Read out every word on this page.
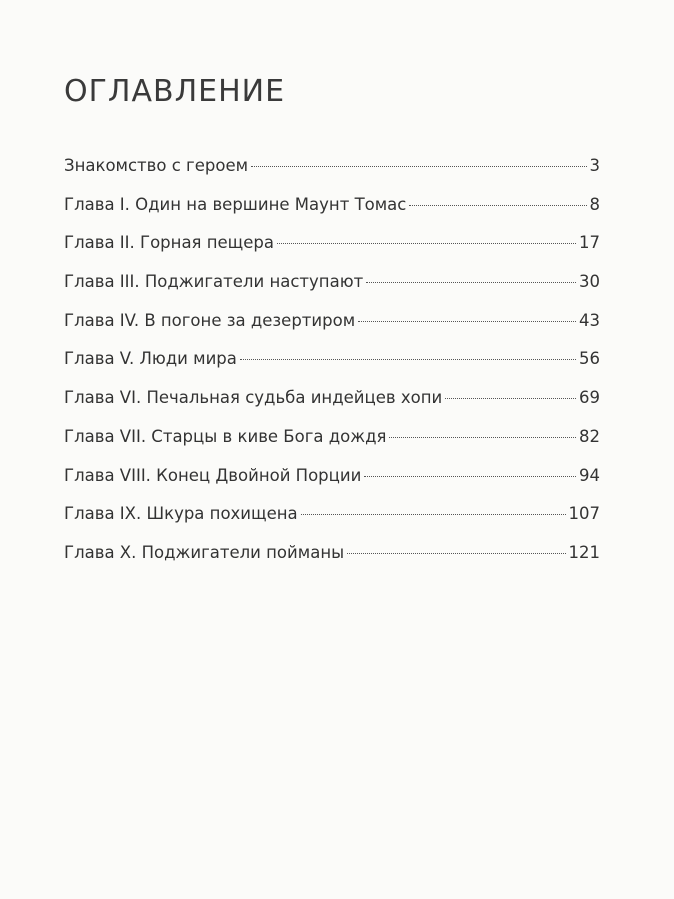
ОГЛАВЛЕНИЕ
Знакомство с героем	3
Глава I. Один на вершине Маунт Томас	8
Глава II. Горная пещера	17
Глава III. Поджигатели наступают	30
Глава IV. В погоне за дезертиром	43
Глава V. Люди мира	56
Глава VI. Печальная судьба индейцев хопи	69
Глава VII. Старцы в киве Бога дождя	82
Глава VIII. Конец Двойной Порции	94
Глава IX. Шкура похищена	107
Глава X. Поджигатели пойманы	121
